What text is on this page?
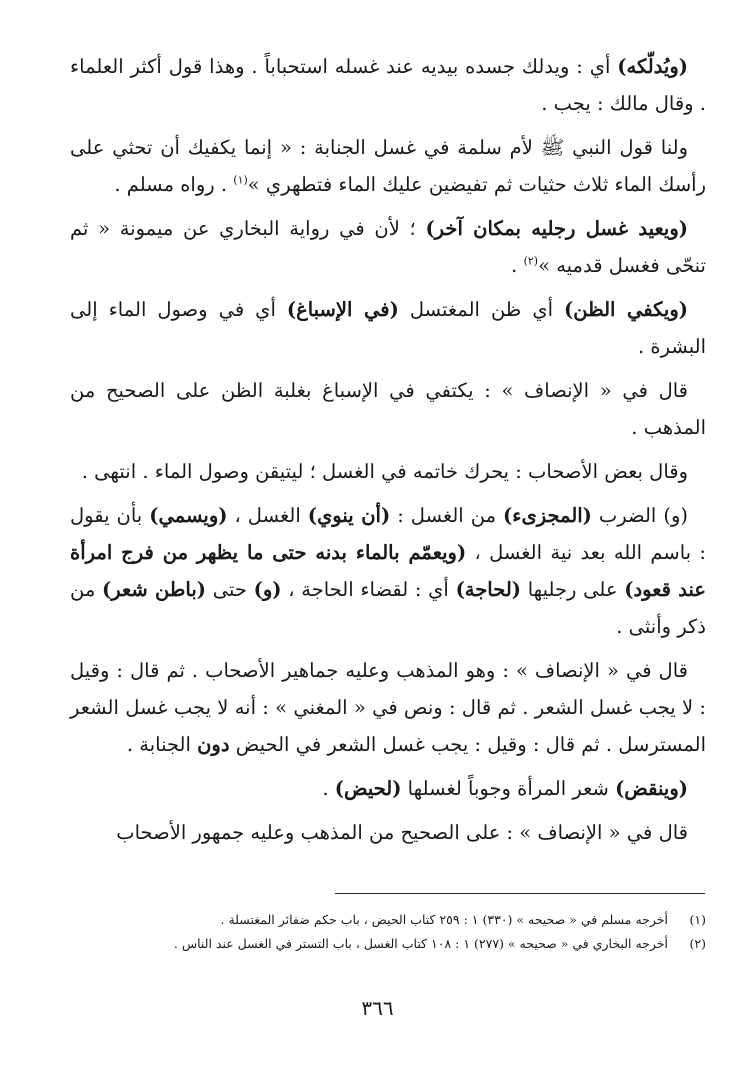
(ويُدلّكه) أي : ويدلك جسده بيديه عند غسله استحباباً . وهذا قول أكثر العلماء . وقال مالك : يجب .

ولنا قول النبي ﷺ لأم سلمة في غسل الجنابة : « إنما يكفيك أن تحثي على رأسك الماء ثلاث حثيات ثم تفيضين عليك الماء فتطهري »$^{(١)}$ . رواه مسلم .

(ويعيد غسل رجليه بمكان آخر) ؛ لأن في رواية البخاري عن ميمونة « ثم تنحّى فغسل قدميه »$^{(٢)}$ .

(ويكفي الظن) أي ظن المغتسل (في الإسباغ) أي في وصول الماء إلى البشرة .

قال في « الإنصاف » : يكتفي في الإسباغ بغلبة الظن على الصحيح من المذهب .

وقال بعض الأصحاب : يحرك خاتمه في الغسل ؛ ليتيقن وصول الماء . انتهى .

(و) الضرب (المجزىء) من الغسل : (أن ينوي) الغسل ، (ويسمي) بأن يقول : باسم الله بعد نية الغسل ، (ويعمّم بالماء بدنه حتى ما يظهر من فرج امرأة عند قعود) على رجليها (لحاجة) أي : لقضاء الحاجة ، (و) حتى (باطن شعر) من ذكر وأنثى .

قال في « الإنصاف » : وهو المذهب وعليه جماهير الأصحاب . ثم قال : وقيل : لا يجب غسل الشعر . ثم قال : ونص في « المغني » : أنه لا يجب غسل الشعر المسترسل . ثم قال : وقيل : يجب غسل الشعر في الحيض دون الجنابة .

(وينقض) شعر المرأة وجوباً لغسلها (لحيض) .

قال في « الإنصاف » : على الصحيح من المذهب وعليه جمهور الأصحاب

(١)أخرجه مسلم في « صحيحه » (٣٣٠) ١ : ٢٥٩ كتاب الحيض ، باب حكم ضفائر المغتسلة .

(٢)أخرجه البخاري في « صحيحه » (٢٧٧) ١ : ١٠٨ كتاب الغسل ، باب التستر في الغسل عند الناس .

٣٦٦
